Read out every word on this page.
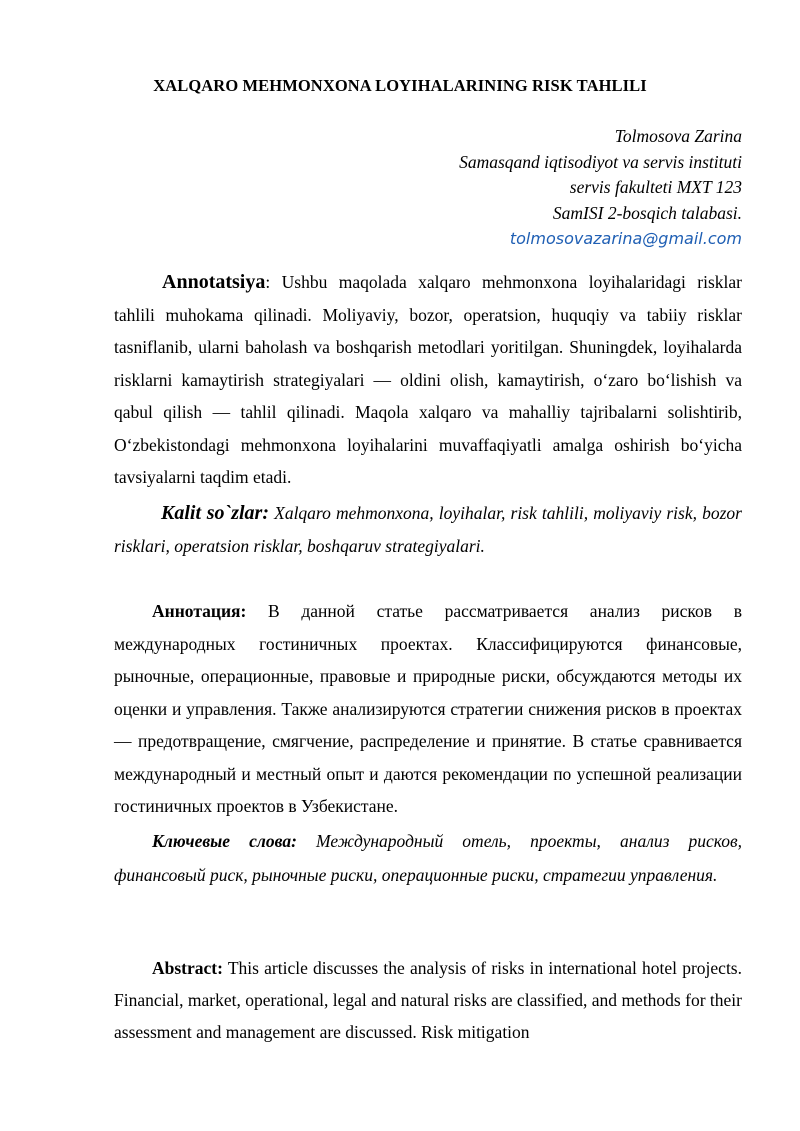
XALQARO MEHMONXONA LOYIHALARINING RISK TAHLILI
Tolmosova Zarina
Samasqand iqtisodiyot va servis instituti
servis fakulteti MXT 123
SamISI 2-bosqich talabasi.
tolmosovazarina@gmail.com
Annotatsiya: Ushbu maqolada xalqaro mehmonxona loyihalaridagi risklar tahlili muhokama qilinadi. Moliyaviy, bozor, operatsion, huquqiy va tabiiy risklar tasniflanib, ularni baholash va boshqarish metodlari yoritilgan. Shuningdek, loyihalarda risklarni kamaytirish strategiyalari — oldini olish, kamaytirish, o‘zaro bo‘lishish va qabul qilish — tahlil qilinadi. Maqola xalqaro va mahalliy tajribalarni solishtirib, O‘zbekistondagi mehmonxona loyihalarini muvaffaqiyatli amalga oshirish bo‘yicha tavsiyalarni taqdim etadi.
Kalit so`zlar: Xalqaro mehmonxona, loyihalar, risk tahlili, moliyaviy risk, bozor risklari, operatsion risklar, boshqaruv strategiyalari.
Аннотация: В данной статье рассматривается анализ рисков в международных гостиничных проектах. Классифицируются финансовые, рыночные, операционные, правовые и природные риски, обсуждаются методы их оценки и управления. Также анализируются стратегии снижения рисков в проектах — предотвращение, смягчение, распределение и принятие. В статье сравнивается международный и местный опыт и даются рекомендации по успешной реализации гостиничных проектов в Узбекистане.
Ключевые слова: Международный отель, проекты, анализ рисков, финансовый риск, рыночные риски, операционные риски, стратегии управления.
Abstract: This article discusses the analysis of risks in international hotel projects. Financial, market, operational, legal and natural risks are classified, and methods for their assessment and management are discussed. Risk mitigation
